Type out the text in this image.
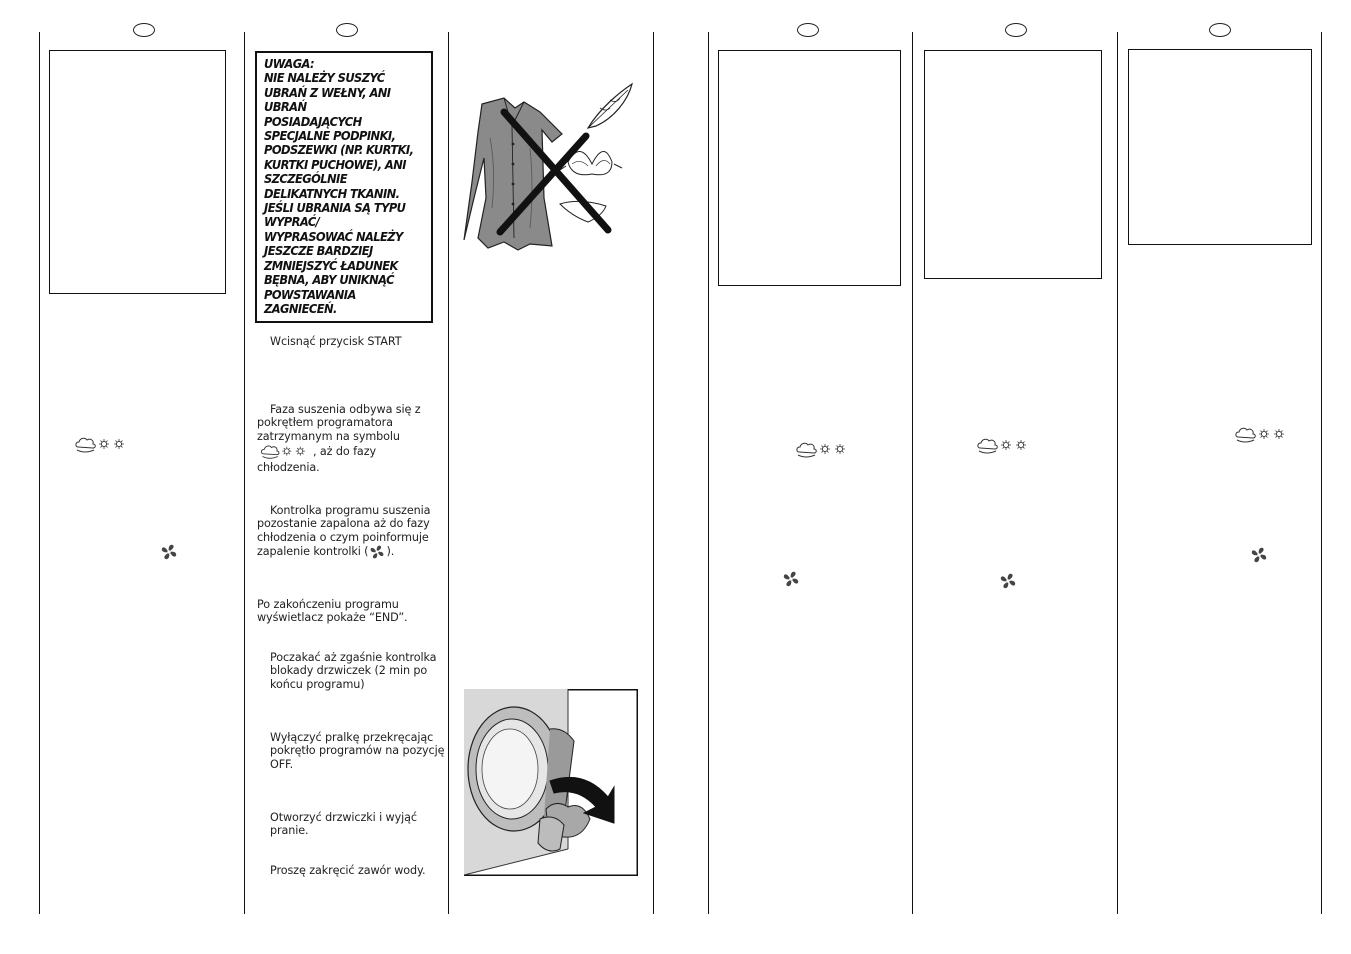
UWAGA:

NIE NALEŻY SUSZYĆ

UBRAŃ Z WEŁNY, ANI

UBRAŃ

POSIADAJĄCYCH

SPECJALNE PODPINKI,

PODSZEWKI (NP. KURTKI,

KURTKI PUCHOWE), ANI

SZCZEGÓLNIE

DELIKATNYCH TKANIN.

JEŚLI UBRANIA SĄ TYPU

WYPRAĆ/

WYPRASOWAĆ NALEŻY

JESZCZE BARDZIEJ

ZMNIEJSZYĆ ŁADUNEK

BĘBNA, ABY UNIKNĄĆ

POWSTAWANIA

ZAGNIECEŃ.

Wcisnąć przycisk START

Faza suszenia odbywa się z pokrętłem programatora zatrzymanym na symbolu , aż do fazy chłodzenia.

Kontrolka programu suszenia pozostanie zapalona aż do fazy chłodzenia o czym poinformuje zapalenie kontrolki ( ).

Po zakończeniu programu wyświetlacz pokaże “END”.

Poczakać aż zgaśnie kontrolka blokady drzwiczek (2 min po końcu programu)

Wyłączyć pralkę przekręcając pokrętło programów na pozycję OFF.

Otworzyć drzwiczki i wyjąć pranie.

Proszę zakręcić zawór wody.
